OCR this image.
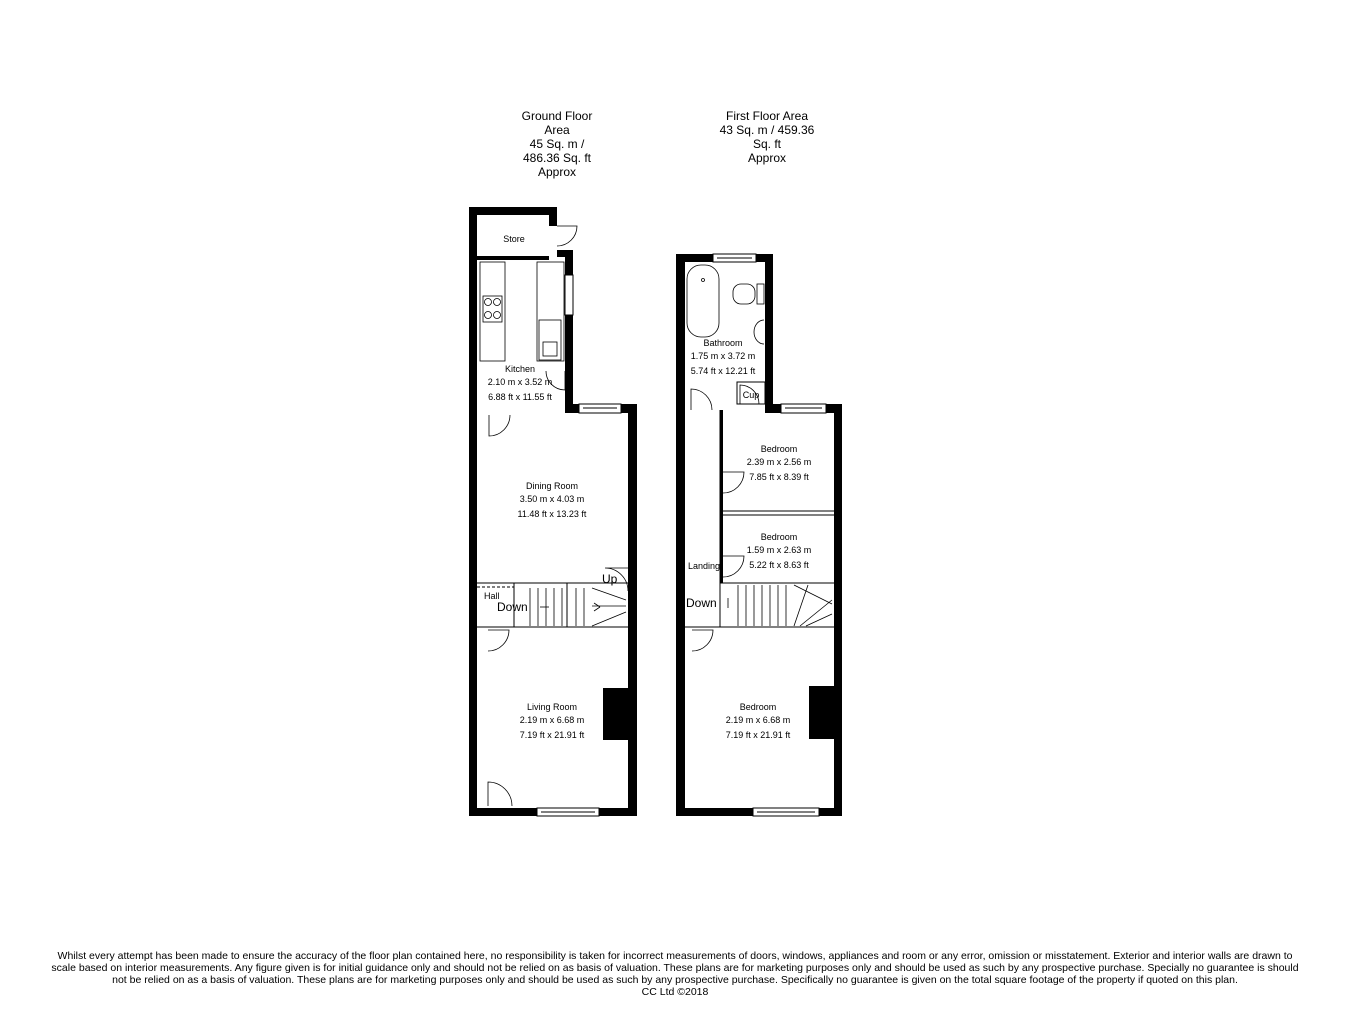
Ground Floor
Area
45 Sq. m /
486.36 Sq. ft
Approx
First Floor Area
43 Sq. m / 459.36
Sq. ft
Approx
Store
Kitchen
2.10 m x 3.52 m
6.88 ft x 11.55 ft
Dining Room
3.50 m x 4.03 m
11.48 ft x 13.23 ft
Hall
Down
Up
Living Room
2.19 m x 6.68 m
7.19 ft x 21.91 ft
Bathroom
1.75 m x 3.72 m
5.74 ft x 12.21 ft
Cup
Bedroom
2.39 m x 2.56 m
7.85 ft x 8.39 ft
Bedroom
1.59 m x 2.63 m
5.22 ft x 8.63 ft
Landing
Down
Bedroom
2.19 m x 6.68 m
7.19 ft x 21.91 ft
Whilst every attempt has been made to ensure the accuracy of the floor plan contained here, no responsibility is taken for incorrect measurements of doors, windows, appliances and room or any error, omission or misstatement. Exterior and interior walls are drawn to
scale based on interior measurements. Any figure given is for initial guidance only and should not be relied on as basis of valuation. These plans are for marketing purposes only and should be used as such by any prospective purchase. Specially no guarantee is should
not be relied on as a basis of valuation. These plans are for marketing purposes only and should be used as such by any prospective purchase. Specifically no guarantee is given on the total square footage of the property if quoted on this plan.
CC Ltd ©2018
